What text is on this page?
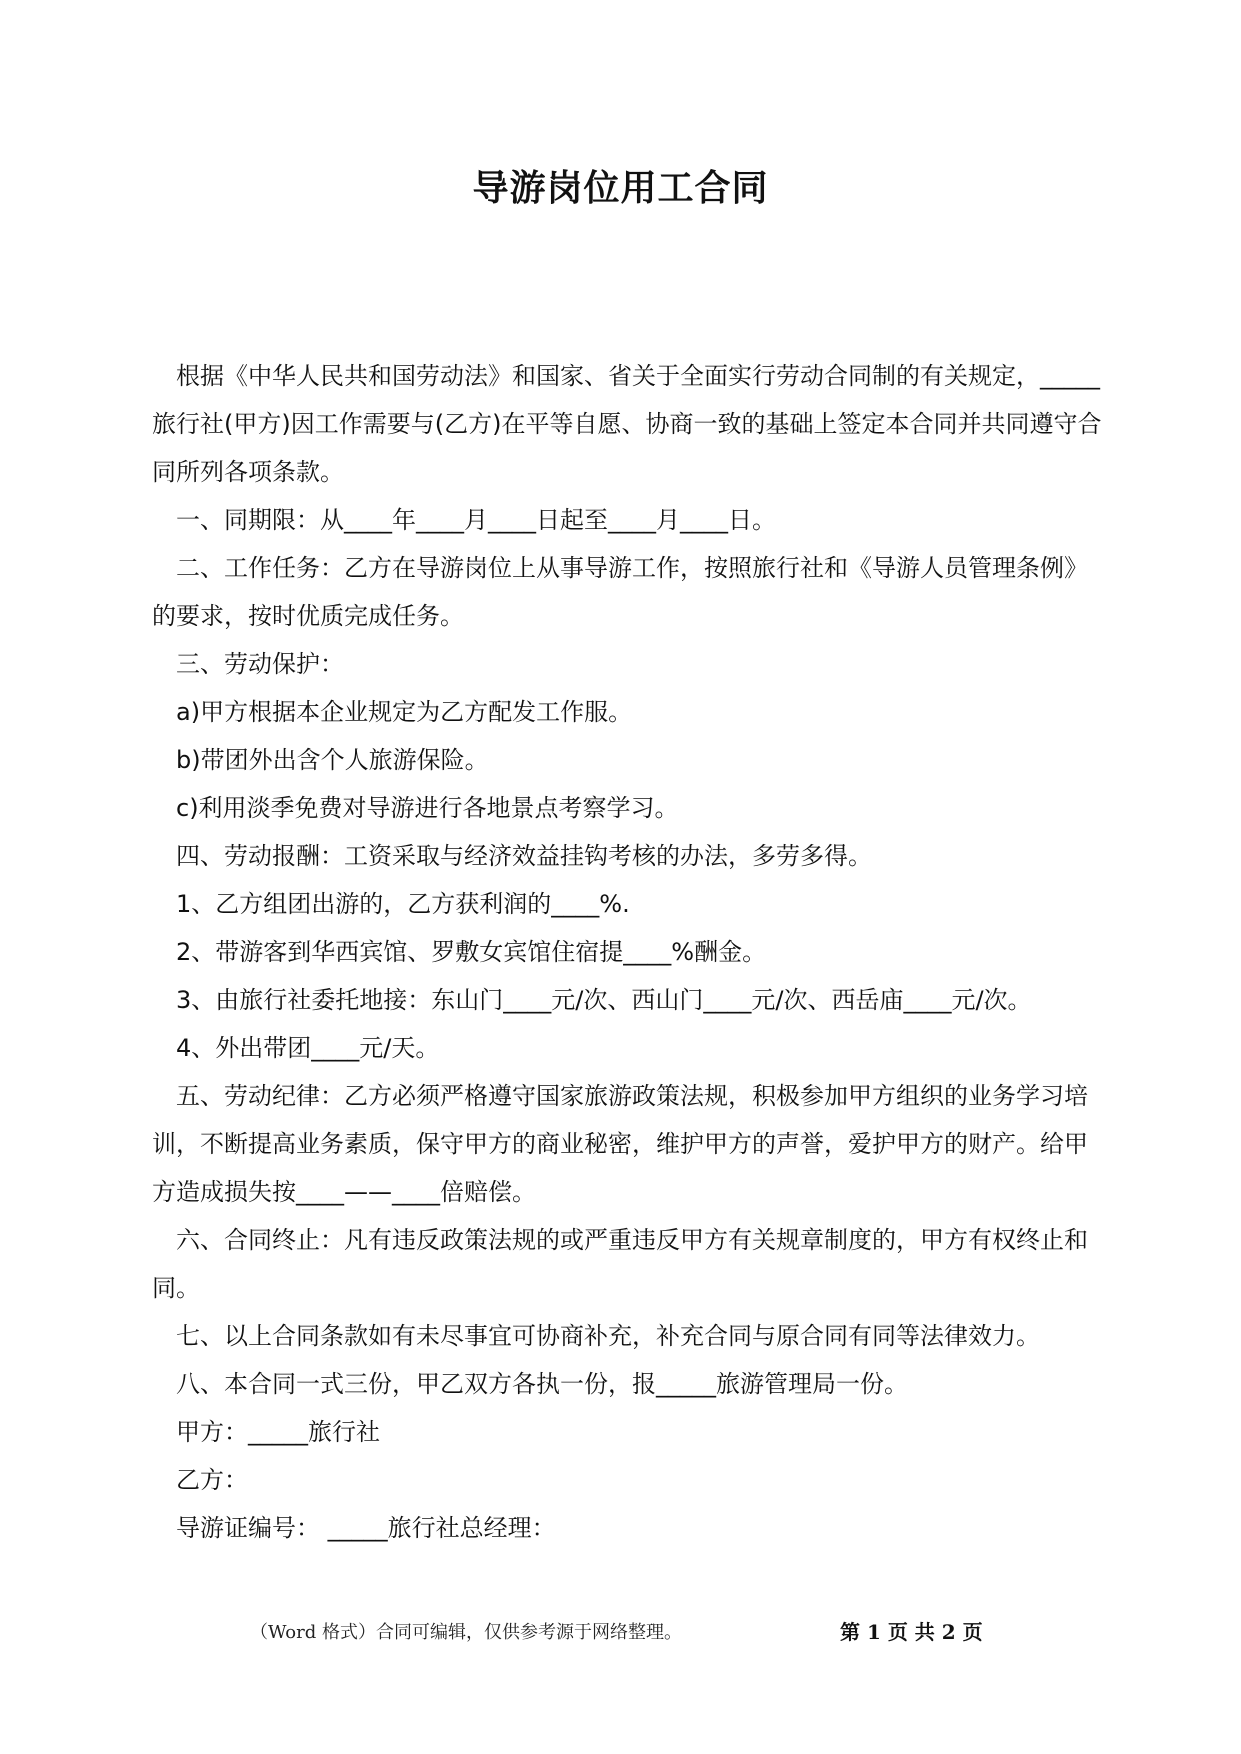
导游岗位用工合同

根据《中华人民共和国劳动法》和国家、省关于全面实行劳动合同制的有关规定，_____旅行社(甲方)因工作需要与(乙方)在平等自愿、协商一致的基础上签定本合同并共同遵守合同所列各项条款。

一、同期限：从____年____月____日起至____月____日。

二、工作任务：乙方在导游岗位上从事导游工作，按照旅行社和《导游人员管理条例》的要求，按时优质完成任务。

三、劳动保护：

a)甲方根据本企业规定为乙方配发工作服。

b)带团外出含个人旅游保险。

c)利用淡季免费对导游进行各地景点考察学习。

四、劳动报酬：工资采取与经济效益挂钩考核的办法，多劳多得。

1、乙方组团出游的，乙方获利润的____%.

2、带游客到华西宾馆、罗敷女宾馆住宿提____%酬金。

3、由旅行社委托地接：东山门____元/次、西山门____元/次、西岳庙____元/次。

4、外出带团____元/天。

五、劳动纪律：乙方必须严格遵守国家旅游政策法规，积极参加甲方组织的业务学习培训，不断提高业务素质，保守甲方的商业秘密，维护甲方的声誉，爱护甲方的财产。给甲方造成损失按____——____倍赔偿。

六、合同终止：凡有违反政策法规的或严重违反甲方有关规章制度的，甲方有权终止和同。

七、以上合同条款如有未尽事宜可协商补充，补充合同与原合同有同等法律效力。

八、本合同一式三份，甲乙双方各执一份，报_____旅游管理局一份。

甲方：_____旅行社

乙方：

导游证编号： _____旅行社总经理：

（Word 格式）合同可编辑，仅供参考源于网络整理。	第 1 页 共 2 页
